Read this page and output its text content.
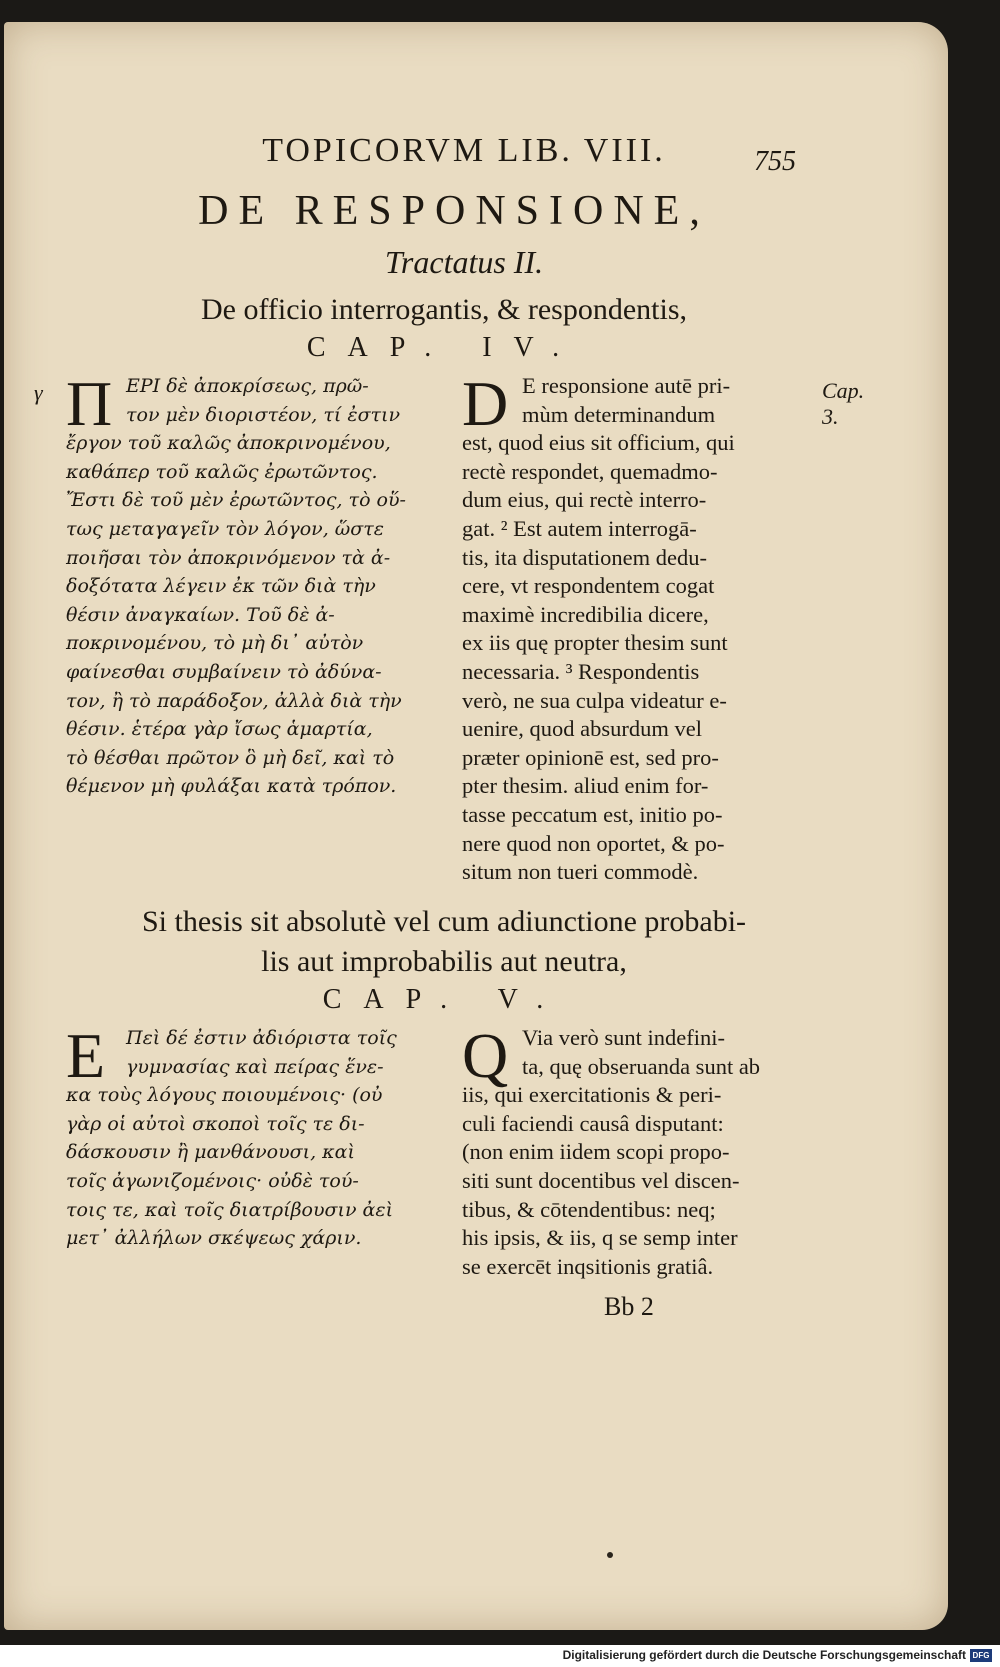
TOPICORVM LIB. VIII.	755
DE RESPONSIONE,
Tractatus II.
De officio interrogantis, & respondentis,
CAP. IV.
γ Π ΕΡΙ δὲ ἀποκρίσεως, πρῶ-
τον μὲν διοριστέον, τί ἐστιν
ἔργον τοῦ καλῶς ἀποκρινομένου,
καθάπερ τοῦ καλῶς ἐρωτῶντος.
Ἔστι δὲ τοῦ μὲν ἐρωτῶντος, τὸ οὕ-
τως μεταγαγεῖν τὸν λόγον, ὥστε
ποιῆσαι τὸν ἀποκρινόμενον τὰ ἀ-
δοξότατα λέγειν ἐκ τῶν διὰ τὴν
θέσιν ἀναγκαίων. Τοῦ δὲ ἀ-
ποκρινομένου, τὸ μὴ δι᾿ αὐτὸν
φαίνεσθαι συμβαίνειν τὸ ἀδύνα-
τον, ἢ τὸ παράδοξον, ἀλλὰ διὰ τὴν
θέσιν. ἑτέρα γὰρ ἴσως ἁμαρτία,
τὸ θέσθαι πρῶτον ὃ μὴ δεῖ, καὶ τὸ
θέμενον μὴ φυλάξαι κατὰ τρόπον.
D E responsione autē pri-
mùm determinandum
est, quod eius sit officium, qui
rectè respondet, quemadmo-
dum eius, qui rectè interro-
gat. ² Est autem interrogā-
tis, ita disputationem dedu-
cere, vt respondentem cogat
maximè incredibilia dicere,
ex iis quę propter thesim sunt
necessaria. ³ Respondentis
verò, ne sua culpa videatur e-
uenire, quod absurdum vel
præter opinionē est, sed pro-
pter thesim. aliud enim for-
tasse peccatum est, initio po-
nere quod non oportet, & po-
situm non tueri commodè.
Cap. 3.
Si thesis sit absolutè vel cum adiunctione probabi-
lis aut improbabilis aut neutra,
CAP. V.
Ε	Πεὶ δέ ἐστιν ἀδιόριστα τοῖς
γυμνασίας καὶ πείρας ἕνε-
κα τοὺς λόγους ποιουμένοις· (οὐ
γὰρ οἱ αὐτοὶ σκοποὶ τοῖς τε δι-
δάσκουσιν ἢ μανθάνουσι, καὶ
τοῖς ἀγωνιζομένοις· οὐδὲ τού-
τοις τε, καὶ τοῖς διατρίβουσιν ἀεὶ
μετ᾿ ἀλλήλων σκέψεως χάριν.
Q Via verò sunt indefini-
ta, quę obseruanda sunt ab
iis, qui exercitationis & peri-
culi faciendi causâ disputant:
(non enim iidem scopi propo-
siti sunt docentibus vel discen-
tibus, & cōtendentibus: neq;
his ipsis, & iis, q se semp inter
se exercēt inqsitionis gratiâ.
Bb 2
Digitalisierung gefördert durch die Deutsche Forschungsgemeinschaft DFG
